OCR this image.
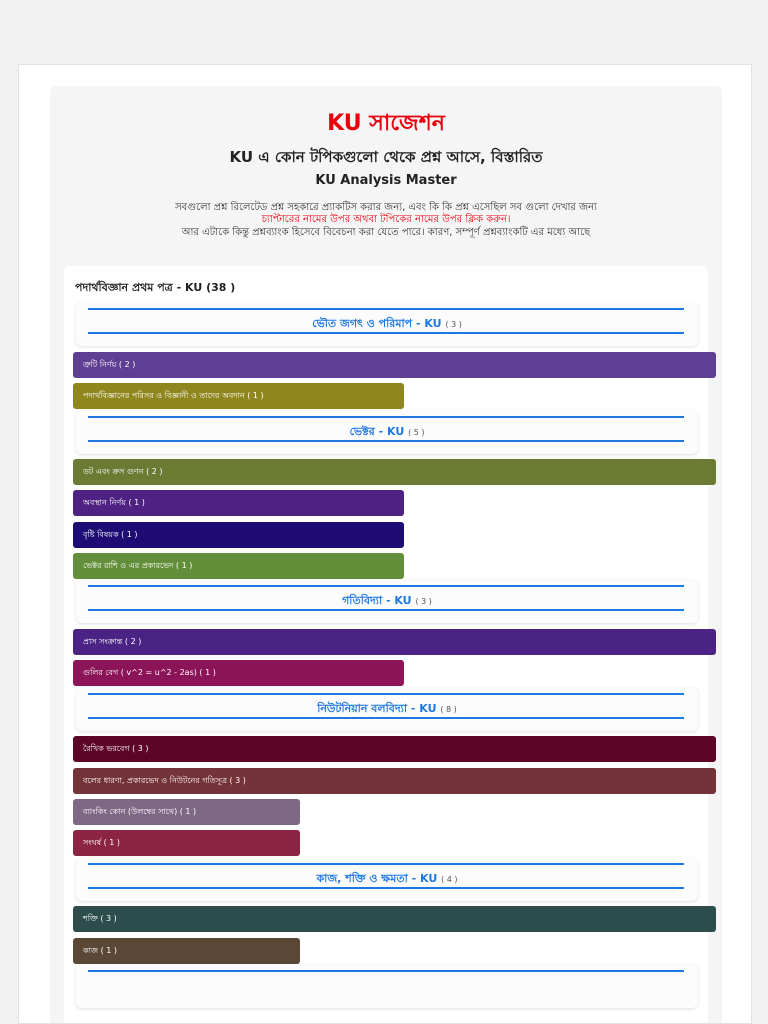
KU সাজেশন
KU এ কোন টপিকগুলো থেকে প্রশ্ন আসে, বিস্তারিত
KU Analysis Master
সবগুলো প্রশ্ন রিলেটেড প্রশ্ন সহকারে প্র্যাকটিস করার জন্য, এবং কি কি প্রশ্ন এসেছিল সব গুলো দেখার জন্য
চ্যাপ্টারের নামের উপর অথবা টপিকের নামের উপর ক্লিক করুন।
আর এটাকে কিন্তু প্রশ্নব্যাংক হিসেবে বিবেচনা করা যেতে পারে। কারণ, সম্পূর্ণ প্রশ্নব্যাংকটি এর মধ্যে আছে
পদার্থবিজ্ঞান প্রথম পত্র - KU (38 )
ভৌত জগৎ ও পরিমাপ - KU ( 3 )
ত্রুটি নির্ণয় ( 2 )
পদার্থবিজ্ঞানের পরিসর ও বিজ্ঞানী ও তাদের অবদান ( 1 )
ভেক্টর - KU ( 5 )
ডট এবং ক্রস গুণন ( 2 )
অবস্থান নির্ণয় ( 1 )
বৃষ্টি বিষয়ক ( 1 )
ভেক্টর রাশি ও এর প্রকারভেদ ( 1 )
গতিবিদ্যা - KU ( 3 )
প্রাস সংক্রান্ত ( 2 )
গুলির বেগ ( v^2 = u^2 - 2as) ( 1 )
নিউটনিয়ান বলবিদ্যা - KU ( 8 )
রৈখিক ভরবেগ ( 3 )
বলের ধারণা, প্রকারভেদ ও নিউটনের গতিসূত্র ( 3 )
ব্যাংকিং কোন (উলম্বের সাথে) ( 1 )
সংঘর্ষ ( 1 )
কাজ, শক্তি ও ক্ষমতা - KU ( 4 )
শক্তি ( 3 )
কাজ ( 1 )
